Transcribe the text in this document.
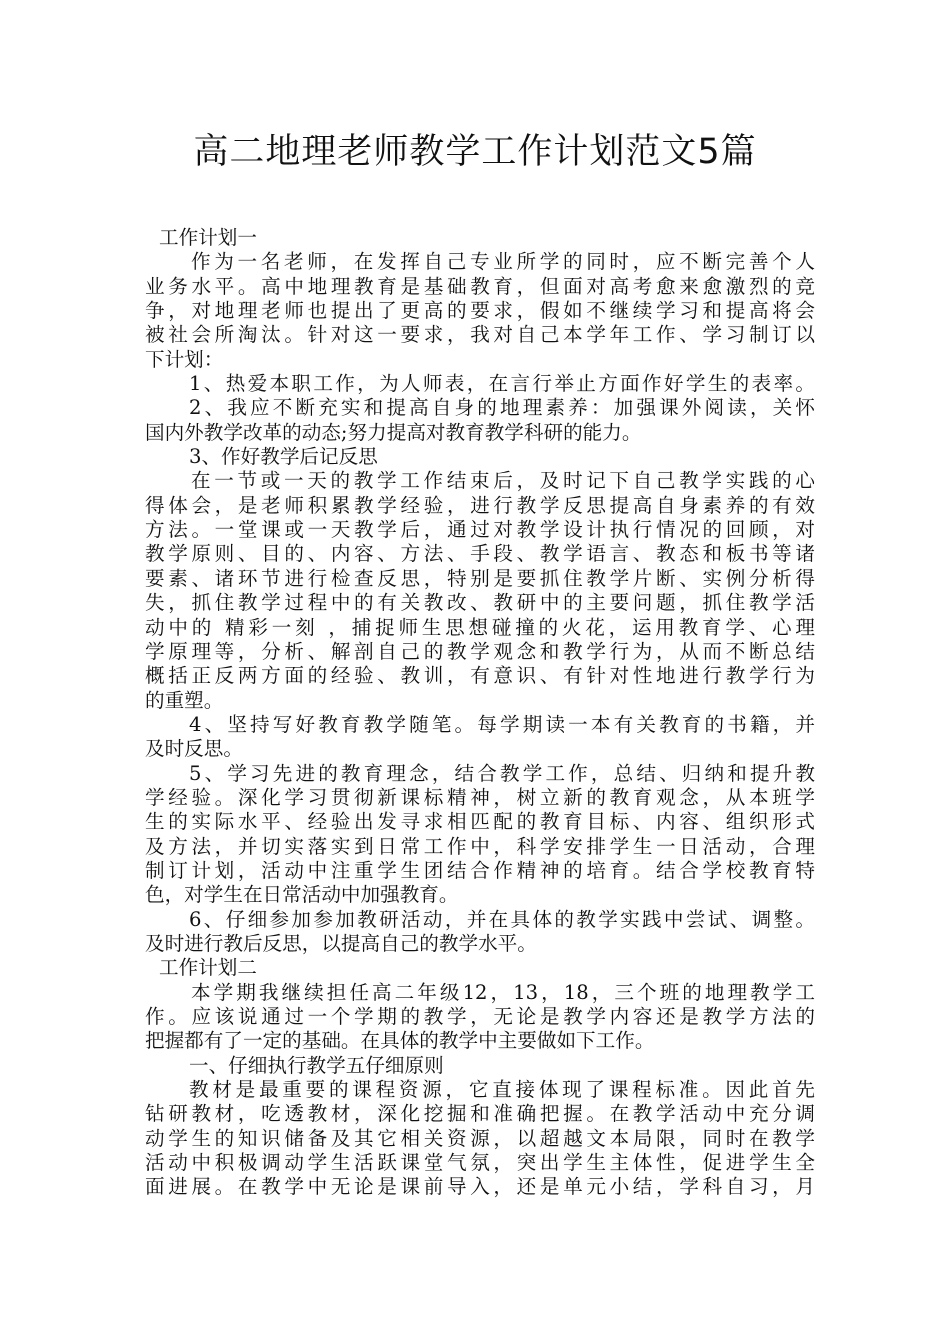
高二地理老师教学工作计划范文5篇
工作计划一
作为一名老师，在发挥自己专业所学的同时，应不断完善个人
业务水平。高中地理教育是基础教育，但面对高考愈来愈激烈的竞
争，对地理老师也提出了更高的要求，假如不继续学习和提高将会
被社会所淘汰。针对这一要求，我对自己本学年工作、学习制订以
下计划：
1、热爱本职工作，为人师表，在言行举止方面作好学生的表率。
2、我应不断充实和提高自身的地理素养：加强课外阅读，关怀
国内外教学改革的动态;努力提高对教育教学科研的能力。
3、作好教学后记反思
在一节或一天的教学工作结束后，及时记下自己教学实践的心
得体会，是老师积累教学经验，进行教学反思提高自身素养的有效
方法。一堂课或一天教学后，通过对教学设计执行情况的回顾，对
教学原则、目的、内容、方法、手段、教学语言、教态和板书等诸
要素、诸环节进行检查反思，特别是要抓住教学片断、实例分析得
失，抓住教学过程中的有关教改、教研中的主要问题，抓住教学活
动中的 精彩一刻 ，捕捉师生思想碰撞的火花，运用教育学、心理
学原理等，分析、解剖自己的教学观念和教学行为，从而不断总结
概括正反两方面的经验、教训，有意识、有针对性地进行教学行为
的重塑。
4、坚持写好教育教学随笔。每学期读一本有关教育的书籍，并
及时反思。
5、学习先进的教育理念，结合教学工作，总结、归纳和提升教
学经验。深化学习贯彻新课标精神，树立新的教育观念，从本班学
生的实际水平、经验出发寻求相匹配的教育目标、内容、组织形式
及方法，并切实落实到日常工作中，科学安排学生一日活动，合理
制订计划，活动中注重学生团结合作精神的培育。结合学校教育特
色，对学生在日常活动中加强教育。
6、仔细参加参加教研活动，并在具体的教学实践中尝试、调整。
及时进行教后反思，以提高自己的教学水平。
工作计划二
本学期我继续担任高二年级12，13，18，三个班的地理教学工
作。应该说通过一个学期的教学，无论是教学内容还是教学方法的
把握都有了一定的基础。在具体的教学中主要做如下工作。
一、仔细执行教学五仔细原则
教材是最重要的课程资源，它直接体现了课程标准。因此首先
钻研教材，吃透教材，深化挖掘和准确把握。在教学活动中充分调
动学生的知识储备及其它相关资源，以超越文本局限，同时在教学
活动中积极调动学生活跃课堂气氛，突出学生主体性，促进学生全
面进展。在教学中无论是课前导入，还是单元小结，学科自习，月
